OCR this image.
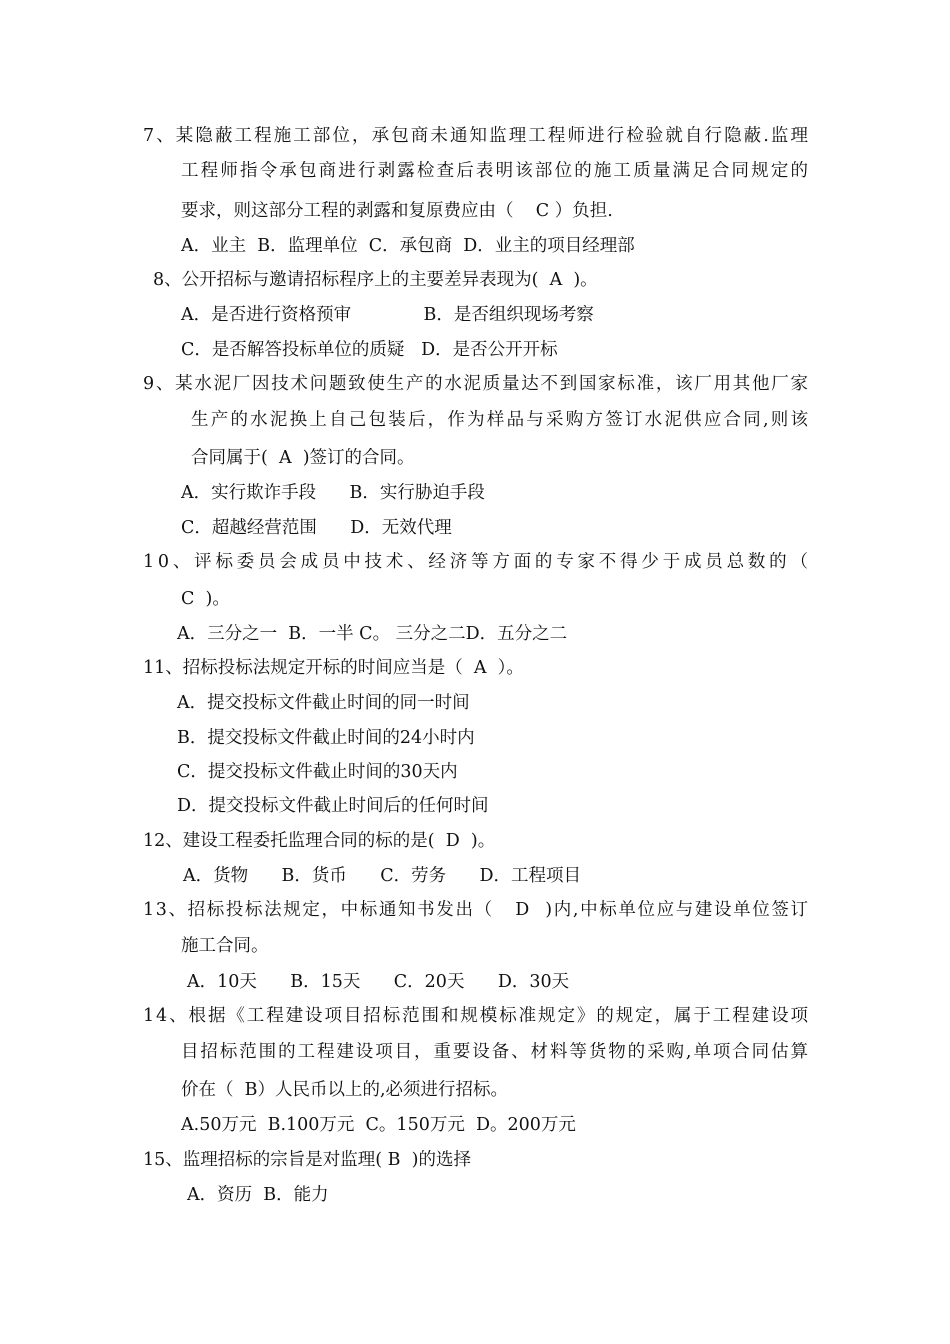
7、某隐蔽工程施工部位，承包商未通知监理工程师进行检验就自行隐蔽.监理
工程师指令承包商进行剥露检查后表明该部位的施工质量满足合同规定的
要求，则这部分工程的剥露和复原费应由（    C ）负担.
A．业主  B．监理单位  C．承包商  D．业主的项目经理部
8、公开招标与邀请招标程序上的主要差异表现为(  A  )。
A．是否进行资格预审             B．是否组织现场考察
C．是否解答投标单位的质疑   D．是否公开开标
9、某水泥厂因技术问题致使生产的水泥质量达不到国家标准，该厂用其他厂家
生产的水泥换上自己包装后，作为样品与采购方签订水泥供应合同,则该
合同属于(  A  )签订的合同。
A．实行欺诈手段      B．实行胁迫手段
C．超越经营范围      D．无效代理
10、评标委员会成员中技术、经济等方面的专家不得少于成员总数的（
C  )。
A．三分之一  B．一半 C。 三分之二D．五分之二
11、招标投标法规定开标的时间应当是（  A  ）。
A．提交投标文件截止时间的同一时间
B．提交投标文件截止时间的24小时内
C．提交投标文件截止时间的30天内
D．提交投标文件截止时间后的任何时间
12、建设工程委托监理合同的标的是(  D  )。
A．货物      B．货币      C．劳务      D．工程项目
13、招标投标法规定，中标通知书发出（   D  )内,中标单位应与建设单位签订
施工合同。
A．10天      B．15天      C．20天      D．30天
14、根据《工程建设项目招标范围和规模标准规定》的规定，属于工程建设项
目招标范围的工程建设项目，重要设备、材料等货物的采购,单项合同估算
价在（  B）人民币以上的,必须进行招标。
A.50万元  B.100万元  C。150万元  D。200万元
15、监理招标的宗旨是对监理( B  )的选择
A．资历  B．能力
